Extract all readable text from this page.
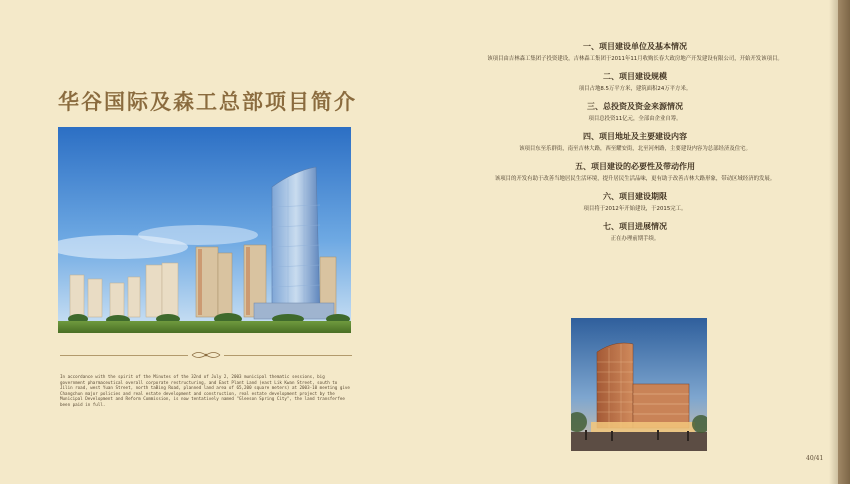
华谷国际及森工总部项目简介
In accordance with the spirit of the Minutes of the 32nd of July 2, 2003 municipal thematic sessions, big government pharmaceutical overall corporate restructuring, and East Plant Land (east Lik Kwan Street, south to Jilin road, west Yuan Street, north taBing Road, planned land area of 65,200 square meters) at 2003-10 meeting give Changchun major policies and real estate development and construction, real estate development project by the Municipal Development and Reform Commission, is now tentatively named "Gleeson Spring City", the land transferfee been paid in full.
一、项目建设单位及基本情况
该项目由吉林森工集团子投资建设，吉林森工集团于2011年11月收购长春大政房地产开发建设有限公司，开始开发该项目。
二、项目建设规模
项目占地8.5万平方米，建筑面积24万平方米。
三、总投资及资金来源情况
项目总投资11亿元，全部由企业自筹。
四、项目地址及主要建设内容
该项目东至乐群街，南至吉林大路，西至耀安街，北至河州路，主要建设内容为总部经济及住宅。
五、项目建设的必要性及带动作用
该项目的开发有助于改善当地居民生活环境，提升居民生活品味，更有助于改善吉林大路形象，带动区域经济的发展。
六、项目建设期限
项目将于2012年开始建设，于2015完工。
七、项目进展情况
正在办理前期手续。
40/41
